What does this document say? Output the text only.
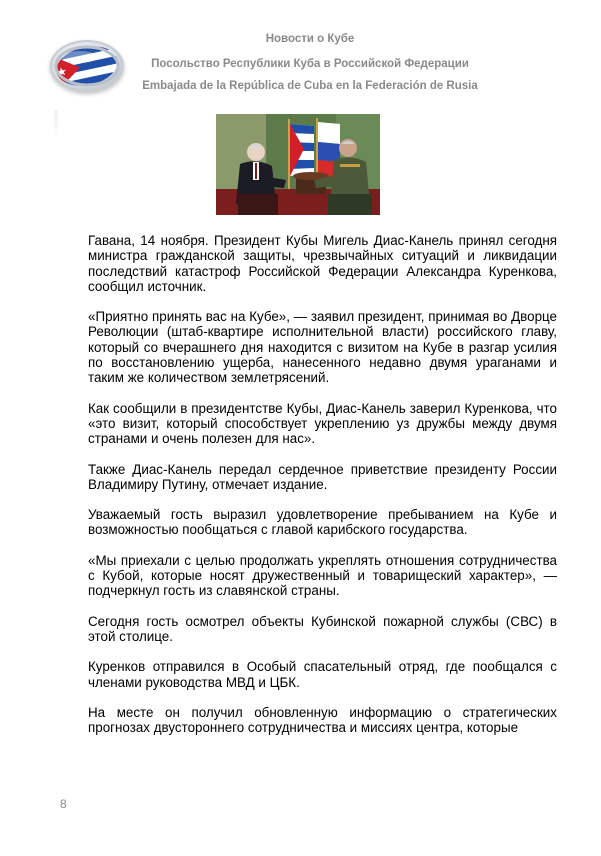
Новости о Кубе
Посольство Республики Куба в Российской Федерации
Embajada de la República de Cuba en la Federación de Rusia

Гавана, 14 ноября. Президент Кубы Мигель Диас-Канель принял сегодня министра гражданской защиты, чрезвычайных ситуаций и ликвидации последствий катастроф Российской Федерации Александра Куренкова, сообщил источник.

«Приятно принять вас на Кубе», — заявил президент, принимая во Дворце Революции (штаб-квартире исполнительной власти) российского главу, который со вчерашнего дня находится с визитом на Кубе в разгар усилия по восстановлению ущерба, нанесенного недавно двумя ураганами и таким же количеством землетрясений.

Как сообщили в президентстве Кубы, Диас-Канель заверил Куренкова, что «это визит, который способствует укреплению уз дружбы между двумя странами и очень полезен для нас».

Также Диас-Канель передал сердечное приветствие президенту России Владимиру Путину, отмечает издание.

Уважаемый гость выразил удовлетворение пребыванием на Кубе и возможностью пообщаться с главой карибского государства.

«Мы приехали с целью продолжать укреплять отношения сотрудничества с Кубой, которые носят дружественный и товарищеский характер», — подчеркнул гость из славянской страны.

Сегодня гость осмотрел объекты Кубинской пожарной службы (СВС) в этой столице.

Куренков отправился в Особый спасательный отряд, где пообщался с членами руководства МВД и ЦБК.

На месте он получил обновленную информацию о стратегических прогнозах двустороннего сотрудничества и миссиях центра, которые

8
